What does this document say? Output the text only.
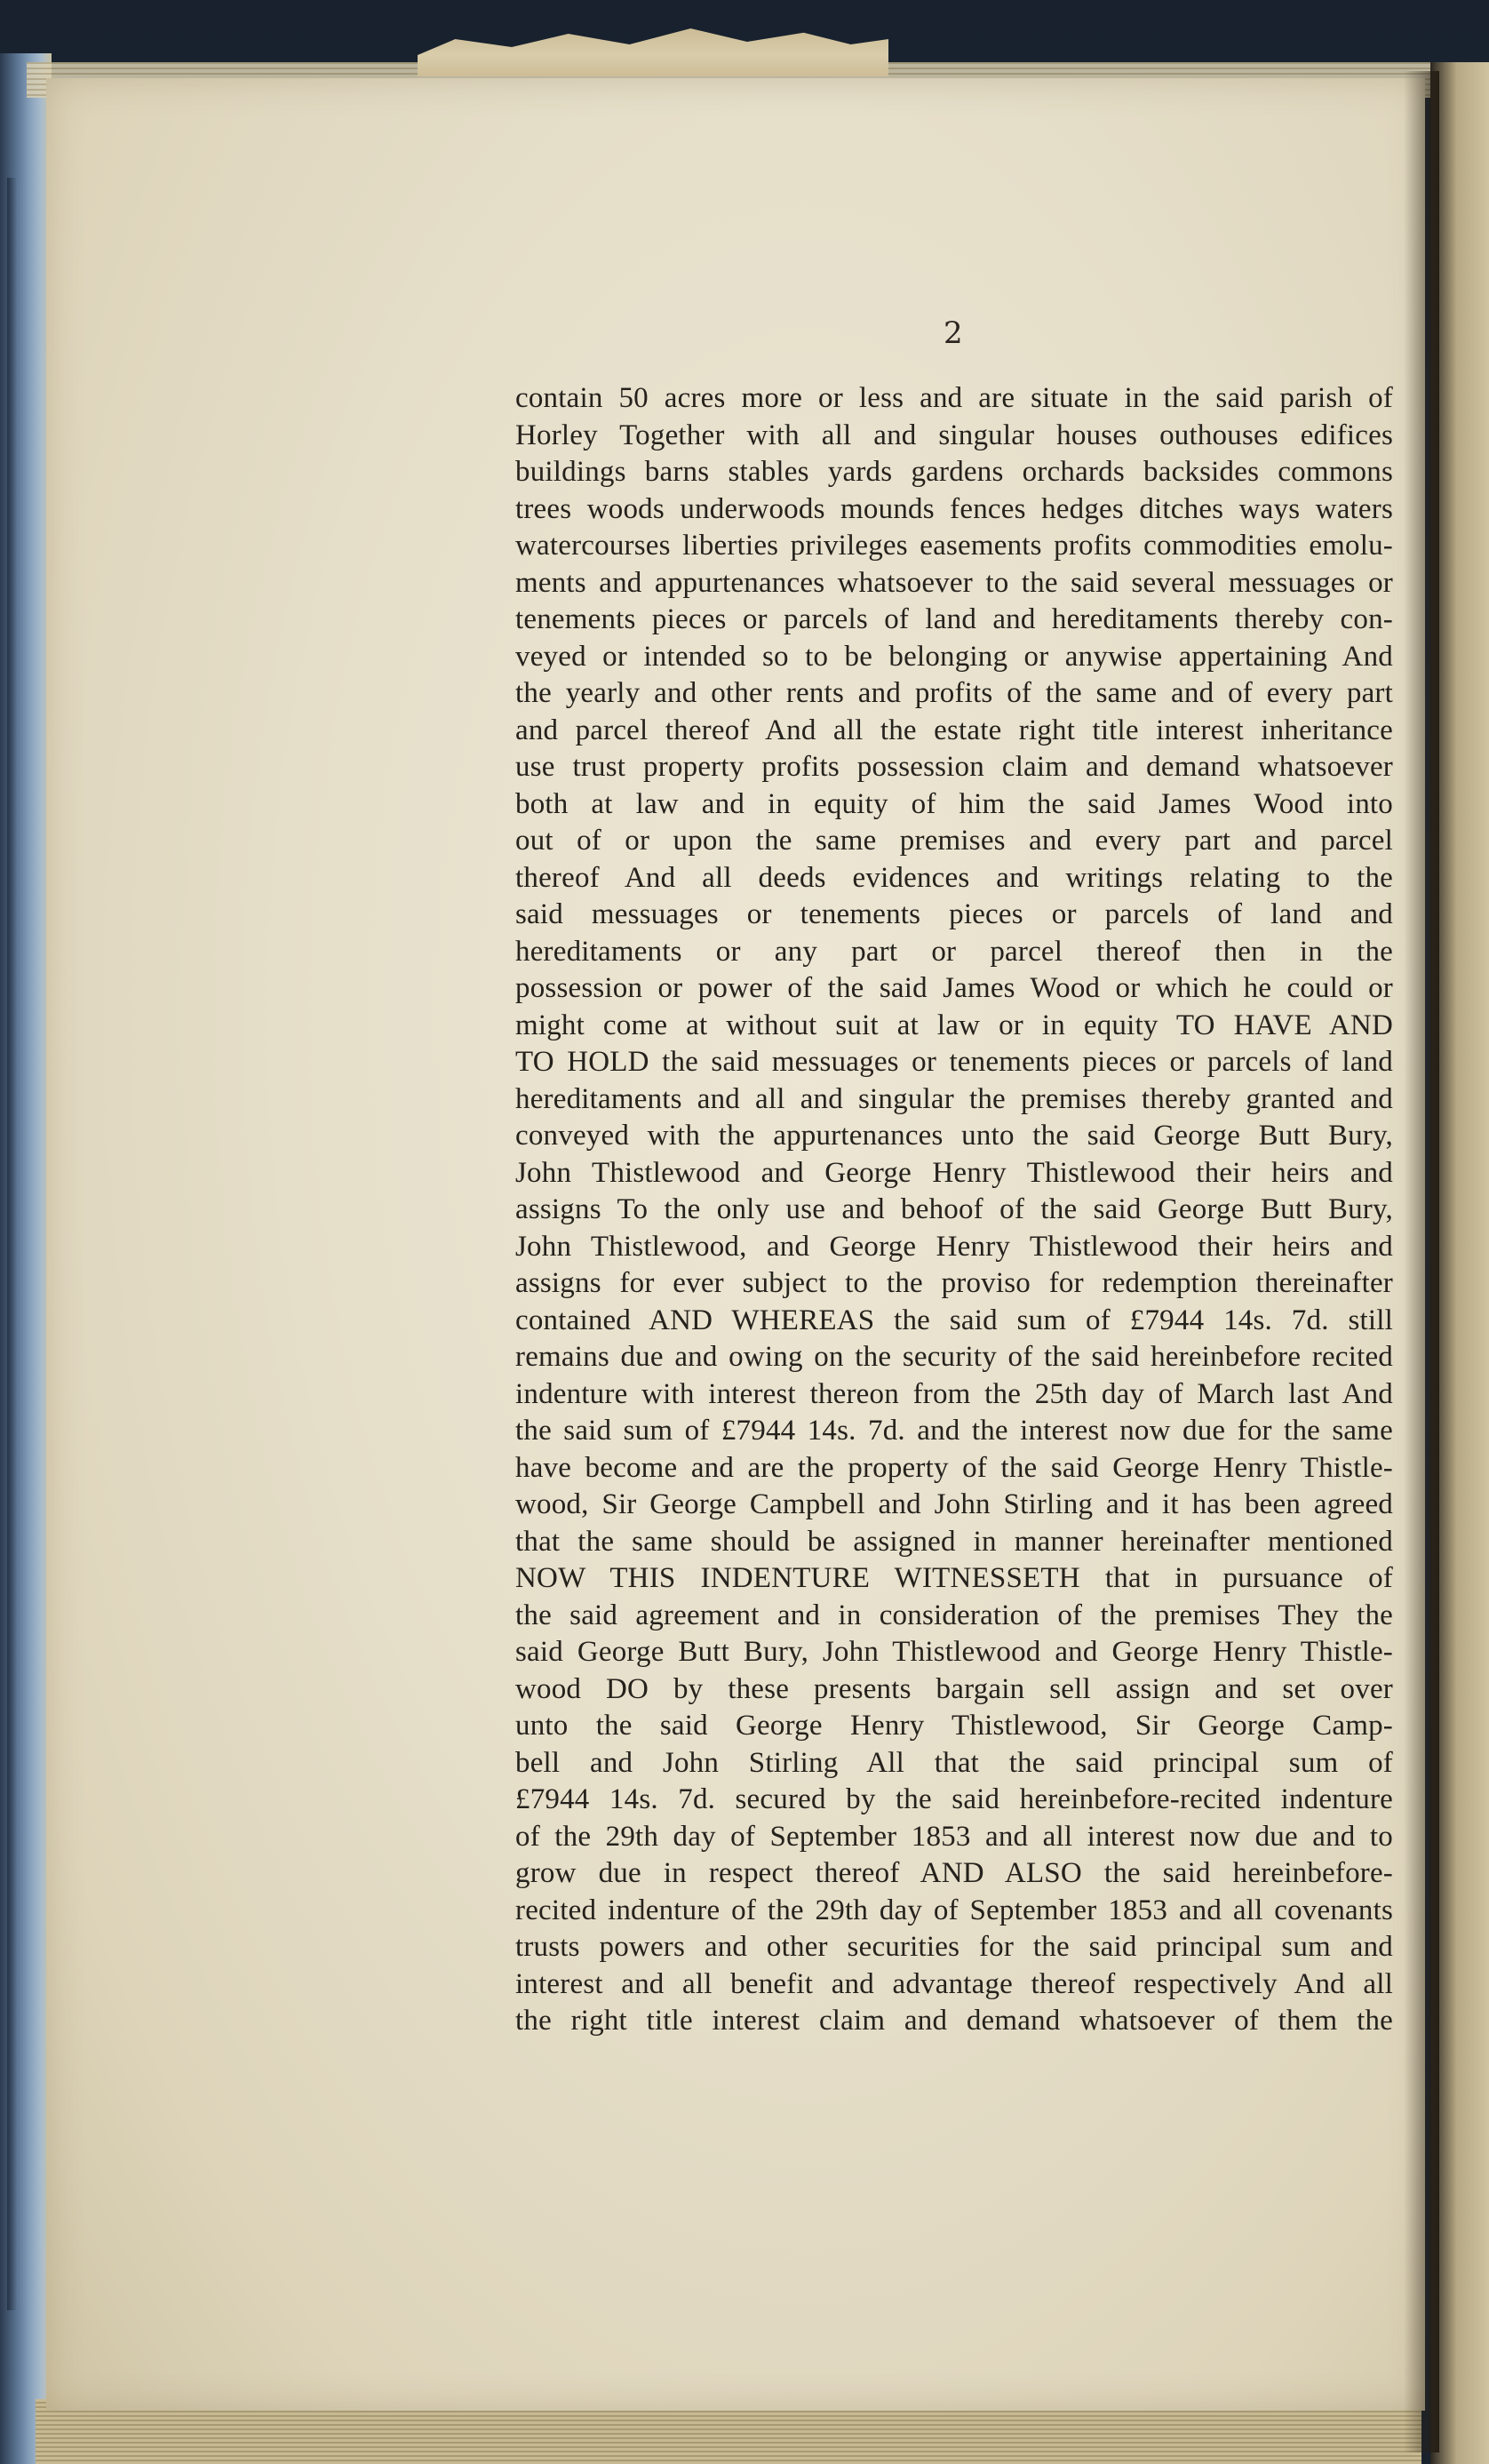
2
contain 50 acres more or less and are situate in the said parish of
Horley Together with all and singular houses outhouses edifices
buildings barns stables yards gardens orchards backsides commons
trees woods underwoods mounds fences hedges ditches ways waters
watercourses liberties privileges easements profits commodities emolu-
ments and appurtenances whatsoever to the said several messuages or
tenements pieces or parcels of land and hereditaments thereby con-
veyed or intended so to be belonging or anywise appertaining And
the yearly and other rents and profits of the same and of every part
and parcel thereof And all the estate right title interest inheritance
use trust property profits possession claim and demand whatsoever
both at law and in equity of him the said James Wood into
out of or upon the same premises and every part and parcel
thereof And all deeds evidences and writings relating to the
said messuages or tenements pieces or parcels of land and
hereditaments or any part or parcel thereof then in the
possession or power of the said James Wood or which he could or
might come at without suit at law or in equity TO HAVE AND
TO HOLD the said messuages or tenements pieces or parcels of land
hereditaments and all and singular the premises thereby granted and
conveyed with the appurtenances unto the said George Butt Bury,
John Thistlewood and George Henry Thistlewood their heirs and
assigns To the only use and behoof of the said George Butt Bury,
John Thistlewood, and George Henry Thistlewood their heirs and
assigns for ever subject to the proviso for redemption thereinafter
contained AND WHEREAS the said sum of £7944 14s. 7d. still
remains due and owing on the security of the said hereinbefore recited
indenture with interest thereon from the 25th day of March last And
the said sum of £7944 14s. 7d. and the interest now due for the same
have become and are the property of the said George Henry Thistle-
wood, Sir George Campbell and John Stirling and it has been agreed
that the same should be assigned in manner hereinafter mentioned
NOW THIS INDENTURE WITNESSETH that in pursuance of
the said agreement and in consideration of the premises They the
said George Butt Bury, John Thistlewood and George Henry Thistle-
wood DO by these presents bargain sell assign and set over
unto the said George Henry Thistlewood, Sir George Camp-
bell and John Stirling All that the said principal sum of
£7944 14s. 7d. secured by the said hereinbefore-recited indenture
of the 29th day of September 1853 and all interest now due and to
grow due in respect thereof AND ALSO the said hereinbefore-
recited indenture of the 29th day of September 1853 and all covenants
trusts powers and other securities for the said principal sum and
interest and all benefit and advantage thereof respectively And all
the right title interest claim and demand whatsoever of them the
